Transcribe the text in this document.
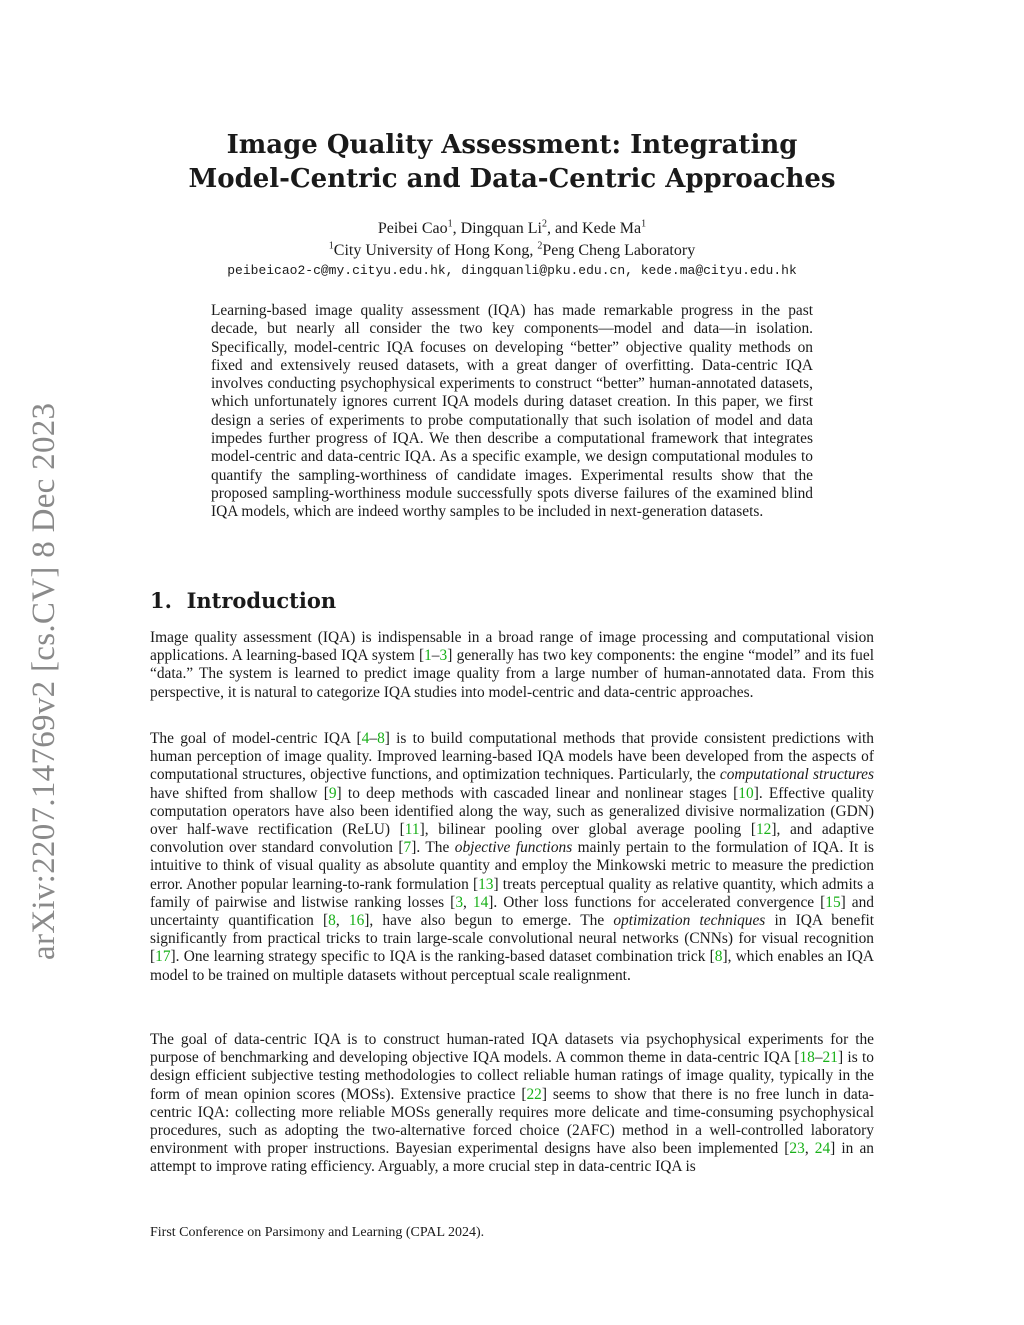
arXiv:2207.14769v2 [cs.CV] 8 Dec 2023
Image Quality Assessment: Integrating
Model-Centric and Data-Centric Approaches
Peibei Cao$^1$, Dingquan Li$^2$, and Kede Ma$^1$
$^1$City University of Hong Kong, $^2$Peng Cheng Laboratory
peibeicao2-c@my.cityu.edu.hk, dingquanli@pku.edu.cn, kede.ma@cityu.edu.hk
Learning-based image quality assessment (IQA) has made remarkable progress in the past decade, but nearly all consider the two key components—model and data—in isolation. Specifically, model-centric IQA focuses on developing “better” objective quality methods on fixed and extensively reused datasets, with a great danger of overfitting. Data-centric IQA involves conducting psychophysical experiments to construct “better” human-annotated datasets, which unfortunately ignores current IQA models during dataset creation. In this paper, we first design a series of experiments to probe computationally that such isolation of model and data impedes further progress of IQA. We then describe a computational framework that integrates model-centric and data-centric IQA. As a specific example, we design computational modules to quantify the sampling-worthiness of candidate images. Experimental results show that the proposed sampling-worthiness module successfully spots diverse failures of the examined blind IQA models, which are indeed worthy samples to be included in next-generation datasets.
1. Introduction

Image quality assessment (IQA) is indispensable in a broad range of image processing and computational vision applications. A learning-based IQA system [1–3] generally has two key components: the engine “model” and its fuel “data.” The system is learned to predict image quality from a large number of human-annotated data. From this perspective, it is natural to categorize IQA studies into model-centric and data-centric approaches.

The goal of model-centric IQA [4–8] is to build computational methods that provide consistent predictions with human perception of image quality. Improved learning-based IQA models have been developed from the aspects of computational structures, objective functions, and optimization techniques. Particularly, the computational structures have shifted from shallow [9] to deep methods with cascaded linear and nonlinear stages [10]. Effective quality computation operators have also been identified along the way, such as generalized divisive normalization (GDN) over half-wave rectification (ReLU) [11], bilinear pooling over global average pooling [12], and adaptive convolution over standard convolution [7]. The objective functions mainly pertain to the formulation of IQA. It is intuitive to think of visual quality as absolute quantity and employ the Minkowski metric to measure the prediction error. Another popular learning-to-rank formulation [13] treats perceptual quality as relative quantity, which admits a family of pairwise and listwise ranking losses [3, 14]. Other loss functions for accelerated convergence [15] and uncertainty quantification [8, 16], have also begun to emerge. The optimization techniques in IQA benefit significantly from practical tricks to train large-scale convolutional neural networks (CNNs) for visual recognition [17]. One learning strategy specific to IQA is the ranking-based dataset combination trick [8], which enables an IQA model to be trained on multiple datasets without perceptual scale realignment.

The goal of data-centric IQA is to construct human-rated IQA datasets via psychophysical experiments for the purpose of benchmarking and developing objective IQA models. A common theme in data-centric IQA [18–21] is to design efficient subjective testing methodologies to collect reliable human ratings of image quality, typically in the form of mean opinion scores (MOSs). Extensive practice [22] seems to show that there is no free lunch in data-centric IQA: collecting more reliable MOSs generally requires more delicate and time-consuming psychophysical procedures, such as adopting the two-alternative forced choice (2AFC) method in a well-controlled laboratory environment with proper instructions. Bayesian experimental designs have also been implemented [23, 24] in an attempt to improve rating efficiency. Arguably, a more crucial step in data-centric IQA is

First Conference on Parsimony and Learning (CPAL 2024).
